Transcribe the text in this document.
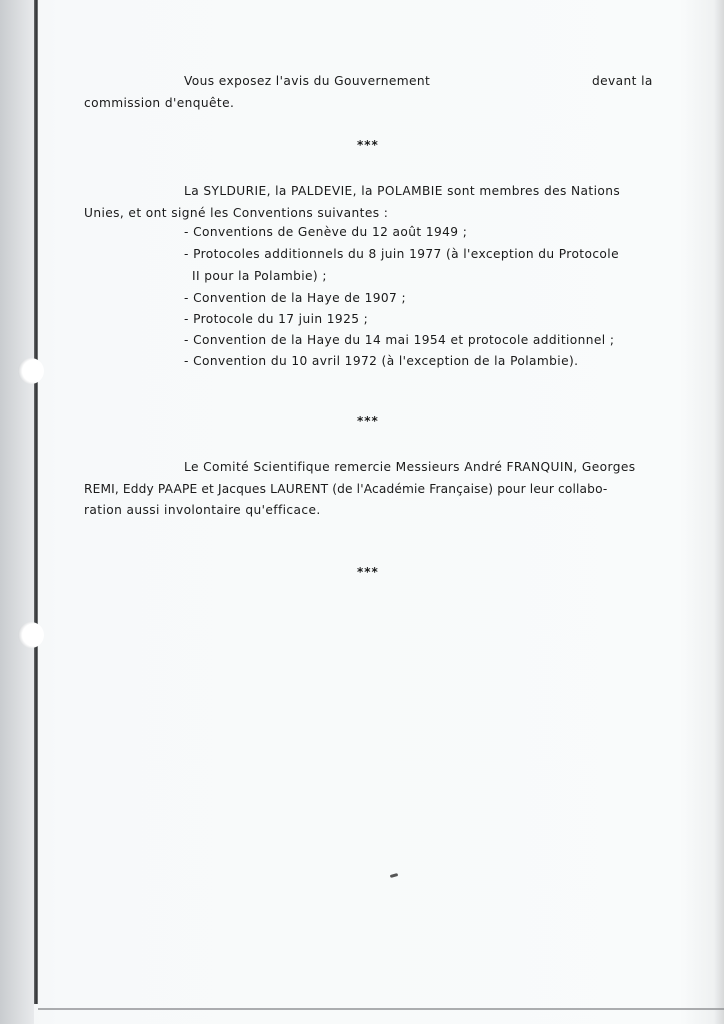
Vous exposez l'avis du Gouvernement	devant la
commission d'enquête.
***
La SYLDURIE, la PALDEVIE, la POLAMBIE sont membres des Nations
Unies, et ont signé les Conventions suivantes :
- Conventions de Genève du 12 août 1949 ;
- Protocoles additionnels du 8 juin 1977 (à l'exception du Protocole
II pour la Polambie) ;
- Convention de la Haye de 1907 ;
- Protocole du 17 juin 1925 ;
- Convention de la Haye du 14 mai 1954 et protocole additionnel ;
- Convention du 10 avril 1972 (à l'exception de la Polambie).
***
Le Comité Scientifique remercie Messieurs André FRANQUIN, Georges
REMI, Eddy PAAPE et Jacques LAURENT (de l'Académie Française) pour leur collabo-
ration aussi involontaire qu'efficace.
***
